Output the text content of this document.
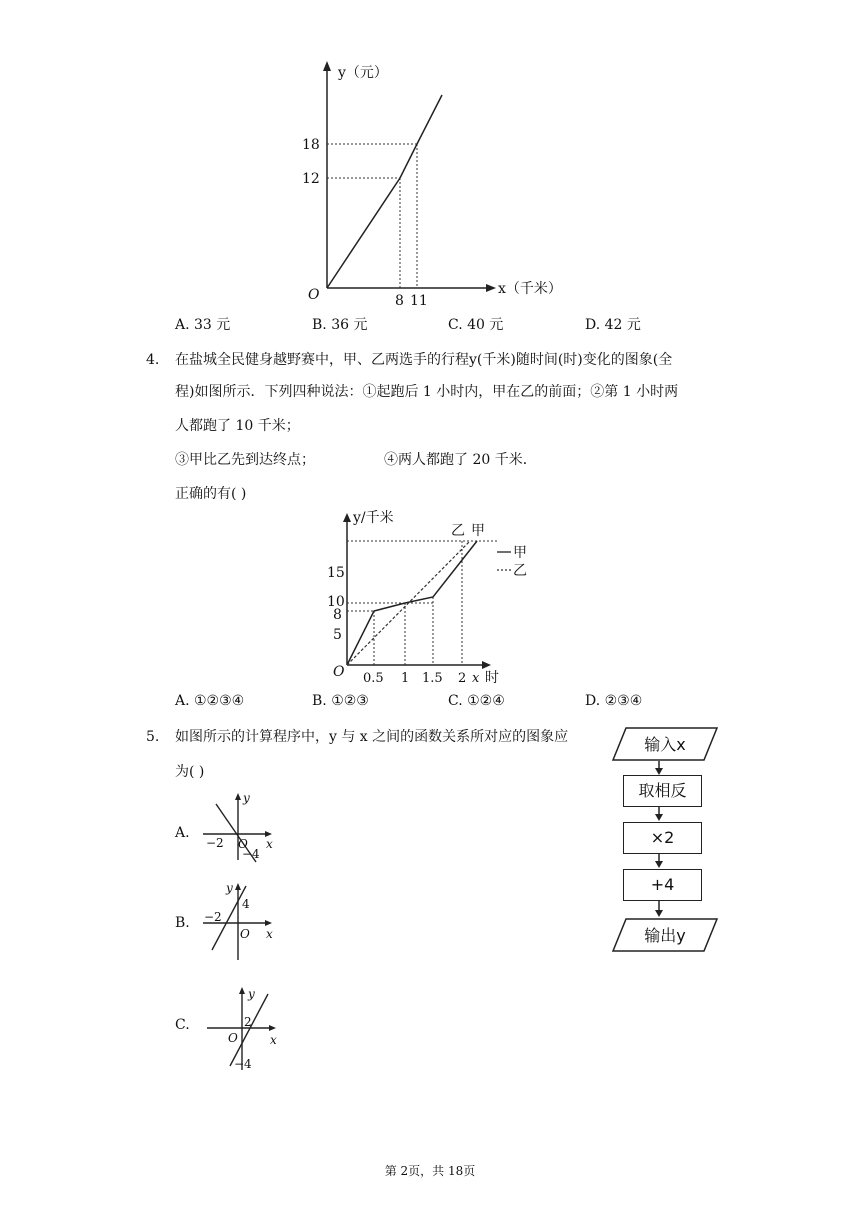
y（元）
x（千米）
O
18
12
8 11
A. 33 元	B. 36 元	C. 40 元	D. 42 元
4. 在盐城全民健身越野赛中，甲、乙两选手的行程y(千米)随时间(时)变化的图象(全
程)如图所示．下列四种说法：①起跑后 1 小时内，甲在乙的前面；②第 1 小时两
人都跑了 10 千米；
③甲比乙先到达终点；	④两人都跑了 20 千米．
正确的有( )
y/千米
乙 甲
甲
乙
15
10
8
5
O 0.5 1 1.5 2 x 时
A. ①②③④	B. ①②③	C. ①②④	D. ②③④
5. 如图所示的计算程序中，y 与 x 之间的函数关系所对应的图象应
为( )
输入x
取相反
×2
+4
输出y
A.
y
x
O
−2
−4
B.
y
x
O
−2
4
C.
y
x
O
2
−4
第 2页，共 18页
